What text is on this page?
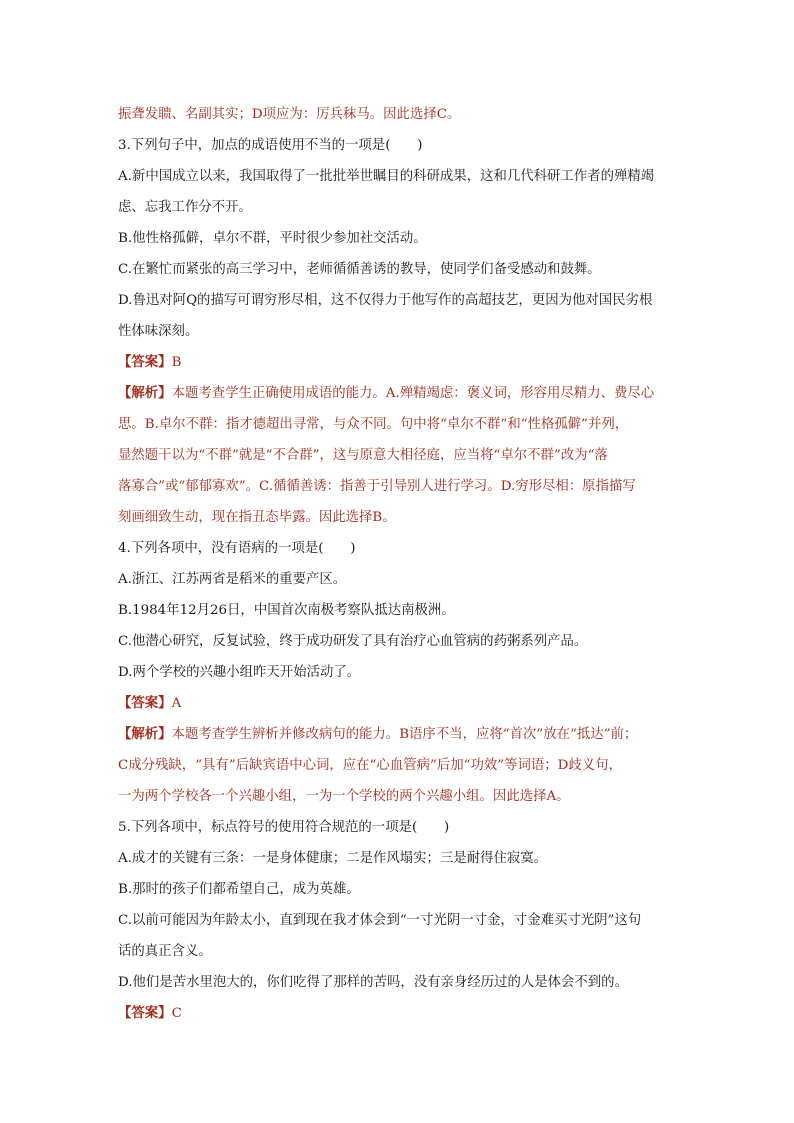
振聋发聩、名副其实；D项应为：厉兵秣马。因此选择C。
3.下列句子中，加点的成语使用不当的一项是(　　)
A.新中国成立以来，我国取得了一批批举世瞩目的科研成果，这和几代科研工作者的殚精竭
虑、忘我工作分不开。
B.他性格孤僻，卓尔不群，平时很少参加社交活动。
C.在繁忙而紧张的高三学习中，老师循循善诱的教导，使同学们备受感动和鼓舞。
D.鲁迅对阿Q的描写可谓穷形尽相，这不仅得力于他写作的高超技艺，更因为他对国民劣根
性体味深刻。
【答案】B
【解析】本题考查学生正确使用成语的能力。A.殚精竭虑：褒义词，形容用尽精力、费尽心
思。B.卓尔不群：指才德超出寻常，与众不同。句中将“卓尔不群”和“性格孤僻”并列，
显然题干以为“不群”就是“不合群”，这与原意大相径庭，应当将“卓尔不群”改为“落
落寡合”或“郁郁寡欢”。C.循循善诱：指善于引导别人进行学习。D.穷形尽相：原指描写
刻画细致生动，现在指丑态毕露。因此选择B。
4.下列各项中，没有语病的一项是(　　)
A.浙江、江苏两省是稻米的重要产区。
B.1984年12月26日，中国首次南极考察队抵达南极洲。
C.他潜心研究，反复试验，终于成功研发了具有治疗心血管病的药粥系列产品。
D.两个学校的兴趣小组昨天开始活动了。
【答案】A
【解析】本题考查学生辨析并修改病句的能力。B语序不当，应将“首次”放在“抵达”前；
C成分残缺，“具有”后缺宾语中心词，应在“心血管病”后加“功效”等词语；D歧义句，
一为两个学校各一个兴趣小组，一为一个学校的两个兴趣小组。因此选择A。
5.下列各项中，标点符号的使用符合规范的一项是(　　)
A.成才的关键有三条：一是身体健康；二是作风塌实；三是耐得住寂寞。
B.那时的孩子们都希望自己，成为英雄。
C.以前可能因为年龄太小，直到现在我才体会到“一寸光阴一寸金，寸金难买寸光阴”这句
话的真正含义。
D.他们是苦水里泡大的，你们吃得了那样的苦吗，没有亲身经历过的人是体会不到的。
【答案】C
